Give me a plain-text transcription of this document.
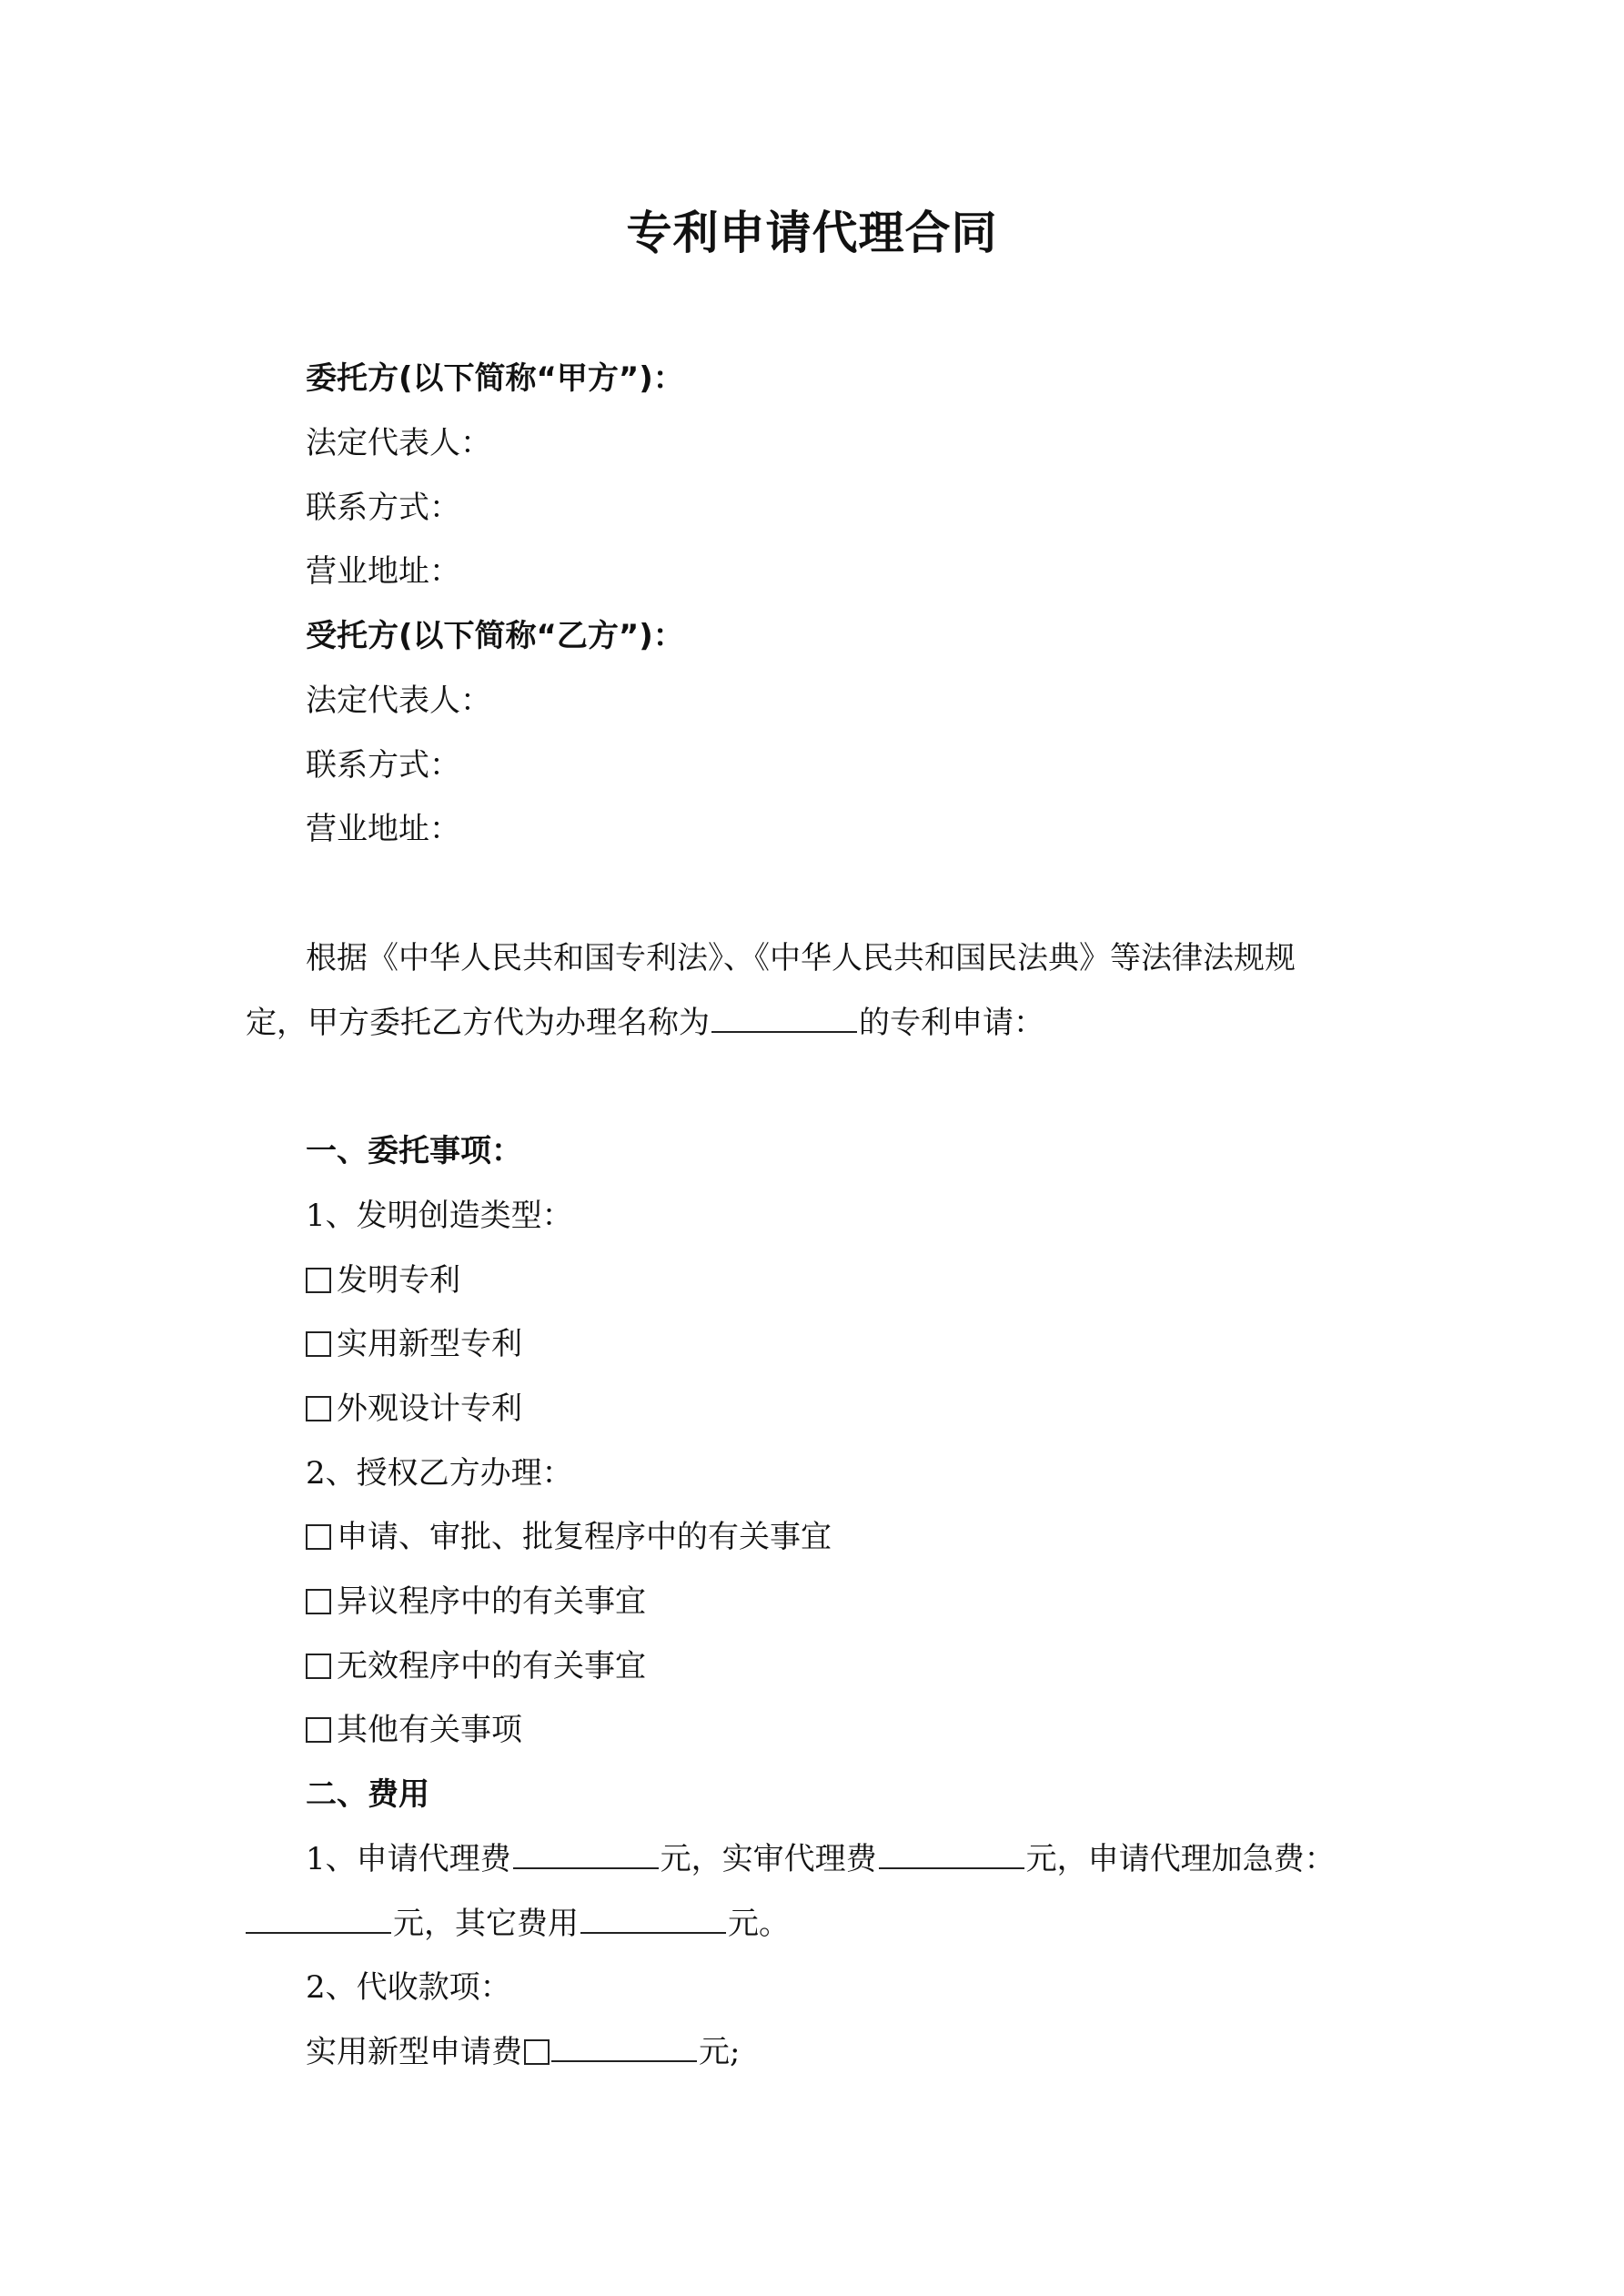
专利申请代理合同
委托方(以下简称“甲方”)：
法定代表人：
联系方式：
营业地址：
受托方(以下简称“乙方”)：
法定代表人：
联系方式：
营业地址：
根据《中华人民共和国专利法》、《中华人民共和国民法典》等法律法规规
定，甲方委托乙方代为办理名称为	的专利申请：
一、委托事项：
1、发明创造类型：
发明专利
实用新型专利
外观设计专利
2、授权乙方办理：
申请、审批、批复程序中的有关事宜
异议程序中的有关事宜
无效程序中的有关事宜
其他有关事项
二、费用
1、申请代理费	元，实审代理费	元，申请代理加急费：
元，其它费用	元。
2、代收款项：
实用新型申请费	元;
